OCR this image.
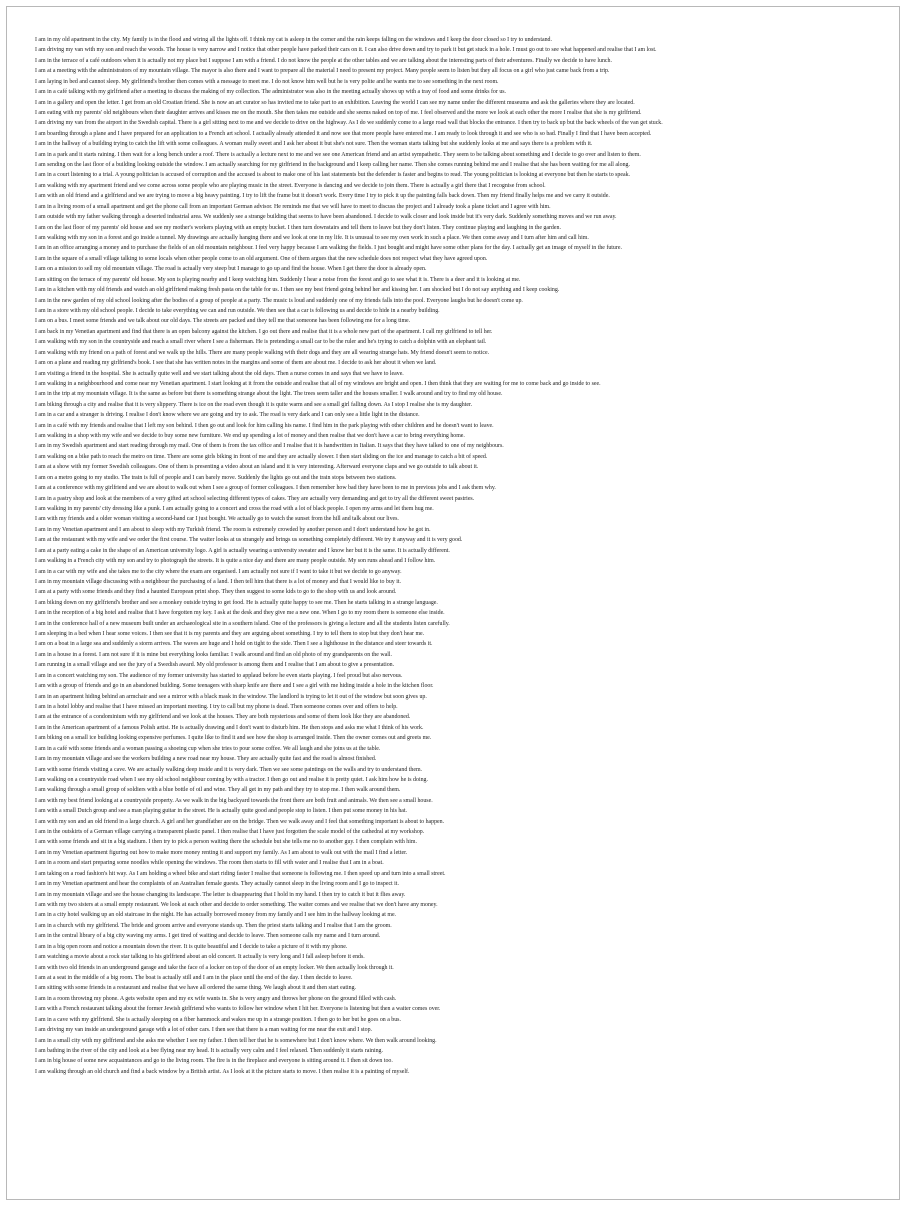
I am in my old apartment in the city. My family is in the flood and wiring all the lights off. I think my cat is asleep in the corner and the rain keeps falling on the windows and I keep the door closed so I try to understand.

I am driving my van with my son and reach the woods. The house is very narrow and I notice that other people have parked their cars on it. I can also drive down and try to park it but get stuck in a hole. I must go out to see what happened and realise that I am lost.

I am in the terrace of a café outdoors when it is actually not my place but I suppose I am with a friend. I do not know the people at the other tables and we are talking about the interesting parts of their adventures. Finally we decide to have lunch.

I am at a meeting with the administrators of my mountain village. The mayor is also there and I want to prepare all the material I need to present my project. Many people seem to listen but they all focus on a girl who just came back from a trip.

I am laying in bed and cannot sleep. My girlfriend's brother then comes with a message to meet me. I do not know him well but he is very polite and he wants me to see something in the next room.

I am in a café talking with my girlfriend after a meeting to discuss the making of my collection. The administrator was also in the meeting actually shows up with a tray of food and some drinks for us.

I am in a gallery and open the letter. I get from an old Croatian friend. She is now an art curator so has invited me to take part to an exhibition. Leaving the world I can see my name under the different museums and ask the galleries where they are located.

I am eating with my parents' old neighbours when their daughter arrives and kisses me on the mouth. She then takes me outside and she seems naked on top of me. I feel observed and the more we look at each other the more I realise that she is my girlfriend.

I am driving my van from the airport in the Swedish capital. There is a girl sitting next to me and we decide to drive on the highway. As I do we suddenly come to a large road wall that blocks the entrance. I then try to back up but the back wheels of the van get stuck.

I am boarding through a plane and I have prepared for an application to a French art school. I actually already attended it and now see that more people have entered me. I am ready to look through it and see who is so bad. Finally I find that I have been accepted.

I am in the hallway of a building trying to catch the lift with some colleagues. A woman really sweet and I ask her about it but she's not sure. Then the woman starts talking but she suddenly looks at me and says there is a problem with it.

I am in a park and it starts raining. I then wait for a long bench under a roof. There is actually a lecture next to me and we see one American friend and an artist sympathetic. They seem to be talking about something and I decide to go over and listen to them.

I am sending on the last floor of a building looking outside the window. I am actually searching for my girlfriend in the background and I keep calling her name. Then she comes running behind me and I realise that she has been waiting for me all along.

I am in a court listening to a trial. A young politician is accused of corruption and the accused is about to make one of his last statements but the defender is faster and begins to read. The young politician is looking at everyone but then he starts to speak.

I am walking with my apartment friend and we come across some people who are playing music in the street. Everyone is dancing and we decide to join them. There is actually a girl there that I recognise from school.

I am with an old friend and a girlfriend and we are trying to move a big heavy painting. I try to lift the frame but it doesn't work. Every time I try to pick it up the painting falls back down. Then my friend finally helps me and we carry it outside.

I am in a living room of a small apartment and get the phone call from an important German advisor. He reminds me that we will have to meet to discuss the project and I already took a plane ticket and I agree with him.

I am outside with my father walking through a deserted industrial area. We suddenly see a strange building that seems to have been abandoned. I decide to walk closer and look inside but it's very dark. Suddenly something moves and we run away.

I am on the last floor of my parents' old house and see my mother's workers playing with an empty bucket. I then turn downstairs and tell them to leave but they don't listen. They continue playing and laughing in the garden.

I am walking with my son in a forest and go inside a tunnel. My drawings are actually hanging there and we look at one in my life. It is unusual to see my own work in such a place. We then come away and I turn after him and call him.

I am in an office arranging a money and to purchase the fields of an old mountain neighbour. I feel very happy because I am walking the fields. I just bought and might have some other plans for the day. I actually get an image of myself in the future.

I am in the square of a small village talking to some locals when other people come to an old argument. One of them argues that the new schedule does not respect what they have agreed upon.

I am on a mission to sell my old mountain village. The road is actually very steep but I manage to go up and find the house. When I get there the door is already open.

I am sitting on the terrace of my parents' old house. My son is playing nearby and I keep watching him. Suddenly I hear a noise from the forest and go to see what it is. There is a deer and it is looking at me.

I am in a kitchen with my old friends and watch an old girlfriend making fresh pasta on the table for us. I then see my best friend going behind her and kissing her. I am shocked but I do not say anything and I keep cooking.

I am in the new garden of my old school looking after the bodies of a group of people at a party. The music is loud and suddenly one of my friends falls into the pool. Everyone laughs but he doesn't come up.

I am in a store with my old school people. I decide to take everything we can and run outside. We then see that a car is following us and decide to hide in a nearby building.

I am on a bus. I meet some friends and we talk about our old days. The streets are packed and they tell me that someone has been following me for a long time.

I am back in my Venetian apartment and find that there is an open balcony against the kitchen. I go out there and realise that it is a whole new part of the apartment. I call my girlfriend to tell her.

I am walking with my son in the countryside and reach a small river where I see a fisherman. He is pretending a small car to be the ruler and he's trying to catch a dolphin with an elephant tail.

I am walking with my friend on a path of forest and we walk up the hills. There are many people walking with their dogs and they are all wearing strange hats. My friend doesn't seem to notice.

I am on a plane and reading my girlfriend's book. I see that she has written notes in the margins and some of them are about me. I decide to ask her about it when we land.

I am visiting a friend in the hospital. She is actually quite well and we start talking about the old days. Then a nurse comes in and says that we have to leave.

I am walking in a neighbourhood and come near my Venetian apartment. I start looking at it from the outside and realise that all of my windows are bright and open. I then think that they are waiting for me to come back and go inside to see.

I am in the trip at my mountain village. It is the same as before but there is something strange about the light. The trees seem taller and the houses smaller. I walk around and try to find my old house.

I am biking through a city and realise that it is very slippery. There is ice on the road even though it is quite warm and see a small girl falling down. As I stop I realise she is my daughter.

I am in a car and a stranger is driving. I realise I don't know where we are going and try to ask. The road is very dark and I can only see a little light in the distance.

I am in a café with my friends and realise that I left my son behind. I then go out and look for him calling his name. I find him in the park playing with other children and he doesn't want to leave.

I am walking in a shop with my wife and we decide to buy some new furniture. We end up spending a lot of money and then realise that we don't have a car to bring everything home.

I am in my Swedish apartment and start reading through my mail. One of them is from the tax office and I realise that it is handwritten in Italian. It says that they have talked to one of my neighbours.

I am walking on a bike path to reach the metro on time. There are some girls biking in front of me and they are actually slower. I then start sliding on the ice and manage to catch a bit of speed.

I am at a show with my former Swedish colleagues. One of them is presenting a video about an island and it is very interesting. Afterward everyone claps and we go outside to talk about it.

I am on a metro going to my studio. The train is full of people and I can barely move. Suddenly the lights go out and the train stops between two stations.

I am at a conference with my girlfriend and we are about to walk out when I see a group of former colleagues. I then remember how bad they have been to me in previous jobs and I ask them why.

I am in a pastry shop and look at the members of a very gifted art school selecting different types of cakes. They are actually very demanding and get to try all the different sweet pastries.

I am walking in my parents' city dressing like a punk. I am actually going to a concert and cross the road with a lot of black people. I open my arms and let them hug me.

I am with my friends and a older woman visiting a second-hand car I just bought. We actually go to watch the sunset from the hill and talk about our lives.

I am in my Venetian apartment and I am about to sleep with my Turkish friend. The room is extremely crowded by another person and I don't understand how he got in.

I am at the restaurant with my wife and we order the first course. The waiter looks at us strangely and brings us something completely different. We try it anyway and it is very good.

I am at a party eating a cake in the shape of an American university logo. A girl is actually wearing a university sweater and I know her but it is the same. It is actually different.

I am walking in a French city with my son and try to photograph the streets. It is quite a nice day and there are many people outside. My son runs ahead and I follow him.

I am in a car with my wife and she takes me to the city where the exam are organised. I am actually not sure if I want to take it but we decide to go anyway.

I am in my mountain village discussing with a neighbour the purchasing of a land. I then tell him that there is a lot of money and that I would like to buy it.

I am at a party with some friends and they find a haunted European print shop. They then suggest to some kids to go to the shop with us and look around.

I am biking down on my girlfriend's brother and see a monkey outside trying to get food. He is actually quite happy to see me. Then he starts talking in a strange language.

I am in the reception of a big hotel and realise that I have forgotten my key. I ask at the desk and they give me a new one. When I go to my room there is someone else inside.

I am in the conference hall of a new museum built under an archaeological site in a southern island. One of the professors is giving a lecture and all the students listen carefully.

I am sleeping in a bed when I hear some voices. I then see that it is my parents and they are arguing about something. I try to tell them to stop but they don't hear me.

I am on a boat in a large sea and suddenly a storm arrives. The waves are huge and I hold on tight to the side. Then I see a lighthouse in the distance and steer towards it.

I am in a house in a forest. I am not sure if it is mine but everything looks familiar. I walk around and find an old photo of my grandparents on the wall.

I am running in a small village and see the jury of a Swedish award. My old professor is among them and I realise that I am about to give a presentation.

I am in a concert watching my son. The audience of my former university has started to applaud before he even starts playing. I feel proud but also nervous.

I am with a group of friends and go in an abandoned building. Some teenagers with sharp knife are there and I see a girl with me hiding inside a hole in the kitchen floor.

I am in an apartment hiding behind an armchair and see a mirror with a black mask in the window. The landlord is trying to let it out of the window but soon gives up.

I am in a hotel lobby and realise that I have missed an important meeting. I try to call but my phone is dead. Then someone comes over and offers to help.

I am at the entrance of a condominium with my girlfriend and we look at the houses. They are both mysterious and some of them look like they are abandoned.

I am in the American apartment of a famous Polish artist. He is actually drawing and I don't want to disturb him. He then stops and asks me what I think of his work.

I am biking on a small ice building looking expensive perfumes. I quite like to find it and see how the shop is arranged inside. Then the owner comes out and greets me.

I am in a café with some friends and a woman passing a shoeing cup when she tries to pour some coffee. We all laugh and she joins us at the table.

I am in my mountain village and see the workers building a new road near my house. They are actually quite fast and the road is almost finished.

I am with some friends visiting a cave. We are actually walking deep inside and it is very dark. Then we see some paintings on the walls and try to understand them.

I am walking on a countryside road when I see my old school neighbour coming by with a tractor. I then go out and realise it is pretty quiet. I ask him how he is doing.

I am walking through a small group of soldiers with a blue bottle of oil and wine. They all get in my path and they try to stop me. I then walk around them.

I am with my best friend looking at a countryside property. As we walk in the big backyard towards the front there are both fruit and animals. We then see a small house.

I am with a small Dutch group and see a man playing guitar in the street. He is actually quite good and people stop to listen. I then put some money in his hat.

I am with my son and an old friend in a large church. A girl and her grandfather are on the bridge. Then we walk away and I feel that something important is about to happen.

I am in the outskirts of a German village carrying a transparent plastic panel. I then realise that I have just forgotten the scale model of the cathedral at my workshop.

I am with some friends and sit in a big stadium. I then try to pick a person waiting there the schedule but she tells me no to another guy. I then complain with him.

I am in my Venetian apartment figuring out how to make more money renting it and support my family. As I am about to walk out with the mail I find a letter.

I am in a room and start preparing some noodles while opening the windows. The room then starts to fill with water and I realise that I am in a boat.

I am taking on a road fashion's hit way. As I am holding a wheel bike and start riding faster I realise that someone is following me. I then speed up and turn into a small street.

I am in my Venetian apartment and hear the complaints of an Australian female guests. They actually cannot sleep in the living room and I go to inspect it.

I am in my mountain village and see the house changing its landscape. The letter is disappearing that I hold in my hand. I then try to catch it but it flies away.

I am with my two sisters at a small empty restaurant. We look at each other and decide to order something. The waiter comes and we realise that we don't have any money.

I am in a city hotel walking up an old staircase in the night. He has actually borrowed money from my family and I see him in the hallway looking at me.

I am in a church with my girlfriend. The bride and groom arrive and everyone stands up. Then the priest starts talking and I realise that I am the groom.

I am in the central library of a big city waving my arms. I get tired of waiting and decide to leave. Then someone calls my name and I turn around.

I am in a big open room and notice a mountain down the river. It is quite beautiful and I decide to take a picture of it with my phone.

I am watching a movie about a rock star talking to his girlfriend about an old concert. It actually is very long and I fall asleep before it ends.

I am with two old friends in an underground garage and take the face of a locker on top of the door of an empty locker. We then actually look through it.

I am at a seat in the middle of a big room. The boat is actually still and I am in the place until the end of the day. I then decide to leave.

I am sitting with some friends in a restaurant and realise that we have all ordered the same thing. We laugh about it and then start eating.

I am in a room throwing my phone. A gets website open and my ex wife wants in. She is very angry and throws her phone on the ground filled with cash.

I am with a French restaurant talking about the former Jewish girlfriend who wants to follow her window when I hit her. Everyone is listening but then a waiter comes over.

I am in a cave with my girlfriend. She is actually sleeping on a fiber hammock and wakes me up in a strange position. I then go to her but he goes on a bus.

I am driving my van inside an underground garage with a lot of other cars. I then see that there is a man waiting for me near the exit and I stop.

I am in a small city with my girlfriend and she asks me whether I see my father. I then tell her that he is somewhere but I don't know where. We then walk around looking.

I am bathing in the river of the city and look at a bee flying near my head. It is actually very calm and I feel relaxed. Then suddenly it starts raining.

I am in big house of some new acquaintances and go to the living room. The fire is in the fireplace and everyone is sitting around it. I then sit down too.

I am walking through an old church and find a back window by a British artist. As I look at it the picture starts to move. I then realise it is a painting of myself.
